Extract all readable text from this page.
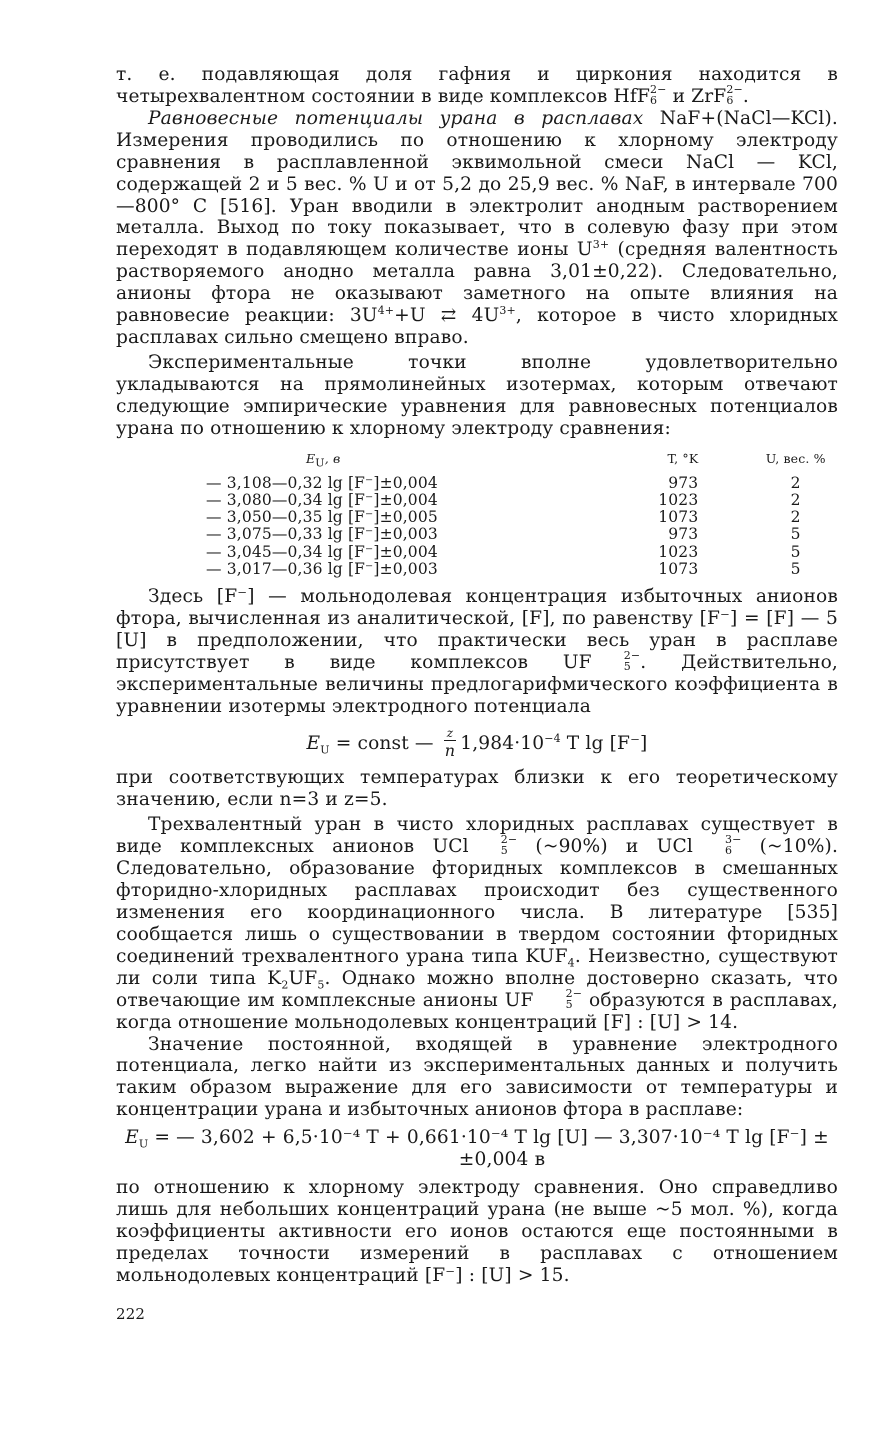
т. е. подавляющая доля гафния и циркония находится в четырехвалентном состоянии в виде комплексов HfF 2−
6 и ZrF 2−
6 .

Равновесные потенциалы урана в расплавах NaF+(NaCl—KCl). Измерения проводились по отношению к хлорному электроду сравнения в расплавленной эквимольной смеси NaCl — KCl, содержащей 2 и 5 вес. % U и от 5,2 до 25,9 вес. % NaF, в интервале 700—800° С [516]. Уран вводили в электролит анодным растворением металла. Выход по току показывает, что в солевую фазу при этом переходят в подавляющем количестве ионы $U^{3+}$ (средняя валентность растворяемого анодно металла равна 3,01±0,22). Следовательно, анионы фтора не оказывают заметного на опыте влияния на равновесие реакции: $3U^{4+}+U$ ⇄ $4U^{3+}$, которое в чисто хлоридных расплавах сильно смещено вправо.

Экспериментальные точки вполне удовлетворительно укладываются на прямолинейных изотермах, которым отвечают следующие эмпирические уравнения для равновесных потенциалов урана по отношению к хлорному электроду сравнения:

$E_U$, в	T, °K	U, вес. %
— 3,108—0,32 lg [F⁻]±0,004	973	2
— 3,080—0,34 lg [F⁻]±0,004	1023	2
— 3,050—0,35 lg [F⁻]±0,005	1073	2
— 3,075—0,33 lg [F⁻]±0,003	973	5
— 3,045—0,34 lg [F⁻]±0,004	1023	5
— 3,017—0,36 lg [F⁻]±0,003	1073	5

Здесь [F⁻] — мольнодолевая концентрация избыточных анионов фтора, вычисленная из аналитической, [F], по равенству [F⁻] = [F] — 5 [U] в предположении, что практически весь уран в расплаве присутствует в виде комплексов UF	2−
5 . Действительно, экспериментальные величины предлогарифмического коэффициента в уравнении изотермы электродного потенциала

$E_U$ = const — $\frac{z}{n} 1,984\cdot 10^{-4}$ T lg [F⁻]

при соответствующих температурах близки к его теоретическому значению, если n=3 и z=5.

Трехвалентный уран в чисто хлоридных расплавах существует в виде комплексных анионов UCl	2−
5 (~90%) и UCl	3−
6 (~10%). Следовательно, образование фторидных комплексов в смешанных фторидно-хлоридных расплавах происходит без существенного изменения его координационного числа. В литературе [535] сообщается лишь о существовании в твердом состоянии фторидных соединений трехвалентного урана типа $KUF_4$. Неизвестно, существуют ли соли типа $K_2UF_5$. Однако можно вполне достоверно сказать, что отвечающие им комплексные анионы UF	2−
5 образуются в расплавах, когда отношение мольнодолевых концентраций [F] : [U] > 14.

Значение постоянной, входящей в уравнение электродного потенциала, легко найти из экспериментальных данных и получить таким образом выражение для его зависимости от температуры и концентрации урана и избыточных анионов фтора в расплаве:

$E_U$ = — 3,602 + 6,5·10⁻⁴ T + 0,661·10⁻⁴ T lg [U] — 3,307·10⁻⁴ T lg [F⁻] ±
±0,004 в

по отношению к хлорному электроду сравнения. Оно справедливо лишь для небольших концентраций урана (не выше ~5 мол. %), когда коэффициенты активности его ионов остаются еще постоянными в пределах точности измерений в расплавах с отношением мольнодолевых концентраций [F⁻] : [U] > 15.

222
